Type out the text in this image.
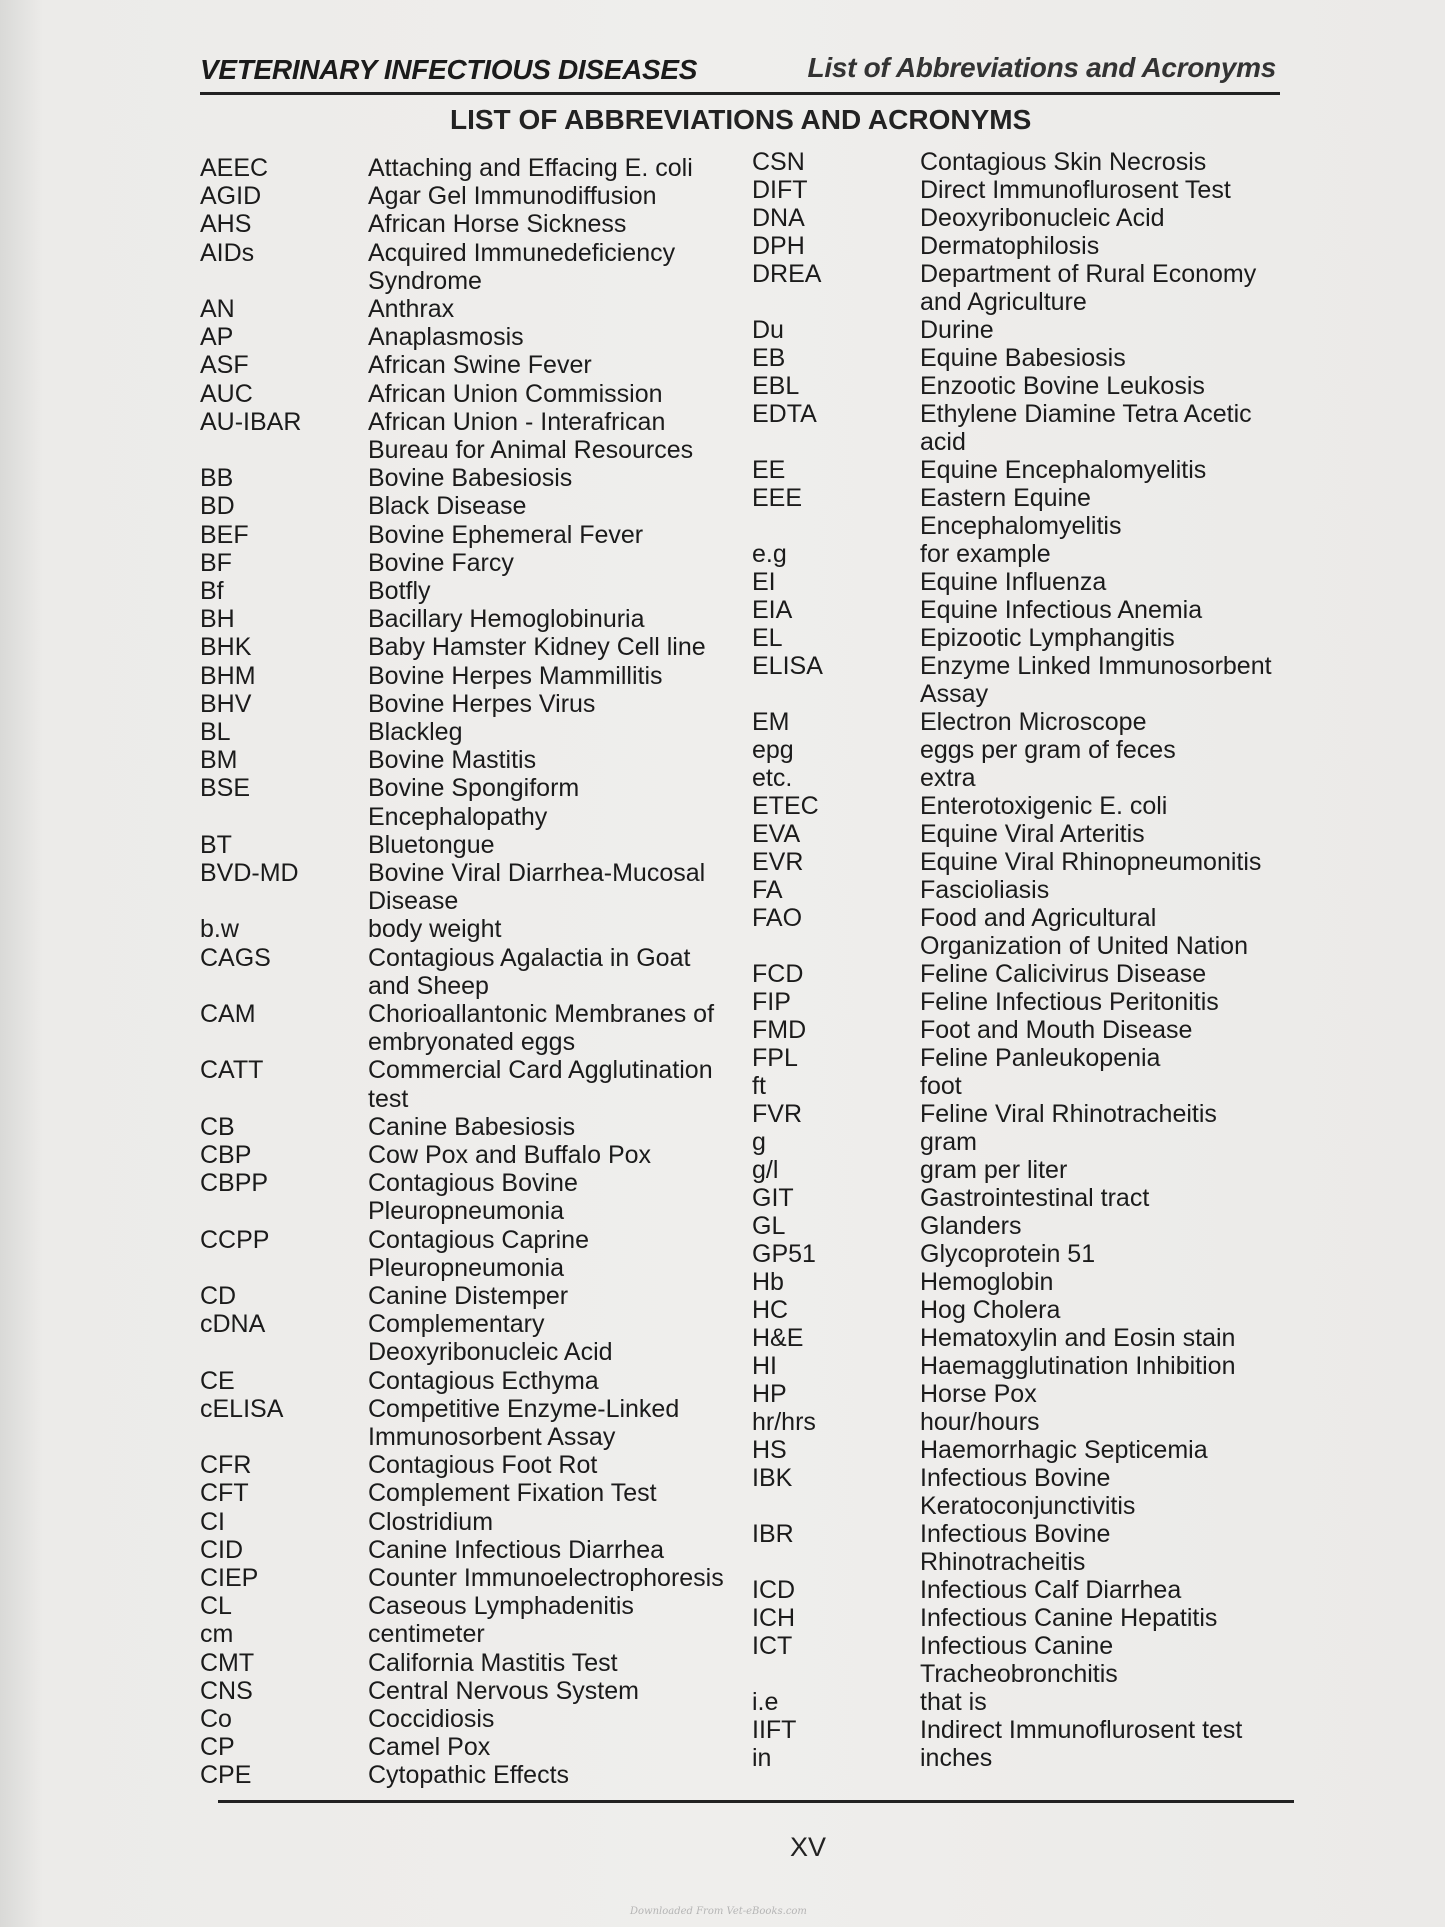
VETERINARY INFECTIOUS DISEASES	List of Abbreviations and Acronyms
LIST OF ABBREVIATIONS AND ACRONYMS
AEEC	Attaching and Effacing E. coli
AGID	Agar Gel Immunodiffusion
AHS	African Horse Sickness
AIDs	Acquired Immunedeficiency
Syndrome
AN	Anthrax
AP	Anaplasmosis
ASF	African Swine Fever
AUC	African Union Commission
AU-IBAR	African Union - Interafrican
Bureau for Animal Resources
BB	Bovine Babesiosis
BD	Black Disease
BEF	Bovine Ephemeral Fever
BF	Bovine Farcy
Bf	Botfly
BH	Bacillary Hemoglobinuria
BHK	Baby Hamster Kidney Cell line
BHM	Bovine Herpes Mammillitis
BHV	Bovine Herpes Virus
BL	Blackleg
BM	Bovine Mastitis
BSE	Bovine Spongiform
Encephalopathy
BT	Bluetongue
BVD-MD	Bovine Viral Diarrhea-Mucosal
Disease
b.w	body weight
CAGS	Contagious Agalactia in Goat
and Sheep
CAM	Chorioallantonic Membranes of
embryonated eggs
CATT	Commercial Card Agglutination
test
CB	Canine Babesiosis
CBP	Cow Pox and Buffalo Pox
CBPP	Contagious Bovine
Pleuropneumonia
CCPP	Contagious Caprine
Pleuropneumonia
CD	Canine Distemper
cDNA	Complementary
Deoxyribonucleic Acid
CE	Contagious Ecthyma
cELISA	Competitive Enzyme-Linked
Immunosorbent Assay
CFR	Contagious Foot Rot
CFT	Complement Fixation Test
CI	Clostridium
CID	Canine Infectious Diarrhea
CIEP	Counter Immunoelectrophoresis
CL	Caseous Lymphadenitis
cm	centimeter
CMT	California Mastitis Test
CNS	Central Nervous System
Co	Coccidiosis
CP	Camel Pox
CPE	Cytopathic Effects
CSN	Contagious Skin Necrosis
DIFT	Direct Immunoflurosent Test
DNA	Deoxyribonucleic Acid
DPH	Dermatophilosis
DREA	Department of Rural Economy
and Agriculture
Du	Durine
EB	Equine Babesiosis
EBL	Enzootic Bovine Leukosis
EDTA	Ethylene Diamine Tetra Acetic
acid
EE	Equine Encephalomyelitis
EEE	Eastern Equine
Encephalomyelitis
e.g	for example
EI	Equine Influenza
EIA	Equine Infectious Anemia
EL	Epizootic Lymphangitis
ELISA	Enzyme Linked Immunosorbent
Assay
EM	Electron Microscope
epg	eggs per gram of feces
etc.	extra
ETEC	Enterotoxigenic E. coli
EVA	Equine Viral Arteritis
EVR	Equine Viral Rhinopneumonitis
FA	Fascioliasis
FAO	Food and Agricultural
Organization of United Nation
FCD	Feline Calicivirus Disease
FIP	Feline Infectious Peritonitis
FMD	Foot and Mouth Disease
FPL	Feline Panleukopenia
ft	foot
FVR	Feline Viral Rhinotracheitis
g	gram
g/l	gram per liter
GIT	Gastrointestinal tract
GL	Glanders
GP51	Glycoprotein 51
Hb	Hemoglobin
HC	Hog Cholera
H&E	Hematoxylin and Eosin stain
HI	Haemagglutination Inhibition
HP	Horse Pox
hr/hrs	hour/hours
HS	Haemorrhagic Septicemia
IBK	Infectious Bovine
Keratoconjunctivitis
IBR	Infectious Bovine
Rhinotracheitis
ICD	Infectious Calf Diarrhea
ICH	Infectious Canine Hepatitis
ICT	Infectious Canine
Tracheobronchitis
i.e	that is
IIFT	Indirect Immunoflurosent test
in	inches
XV
Downloaded From Vet-eBooks.com
